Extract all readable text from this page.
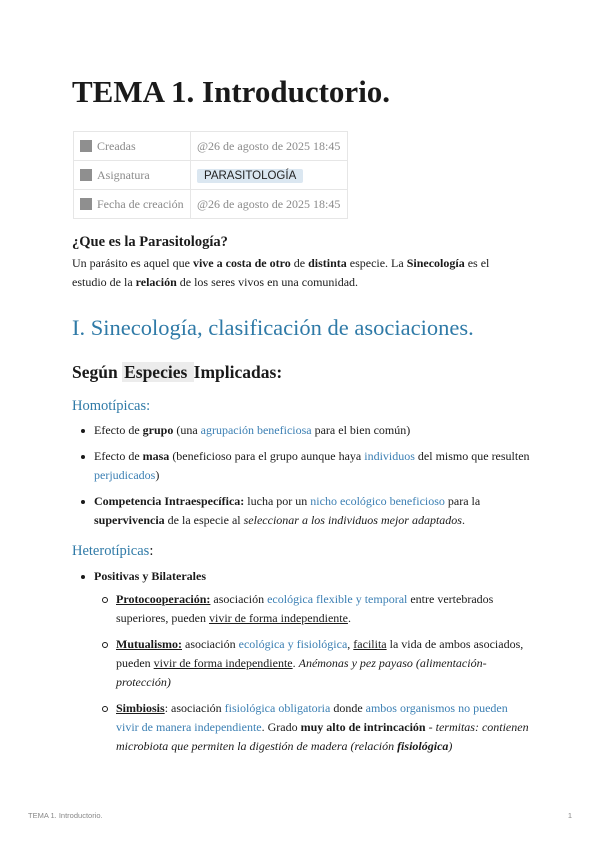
TEMA 1. Introductorio.
Creadas	@26 de agosto de 2025 18:45
Asignatura	PARASITOLOGÍA
Fecha de creación	@26 de agosto de 2025 18:45
¿Que es la Parasitología?

Un parásito es aquel que vive a costa de otro de distinta especie. La Sinecología es el estudio de la relación de los seres vivos en una comunidad.

I. Sinecología, clasificación de asociaciones.
Según Especies Implicadas:
Homotípicas:
Efecto de grupo (una agrupación beneficiosa para el bien común)
Efecto de masa (beneficioso para el grupo aunque haya individuos del mismo que resulten perjudicados)
Competencia Intraespecífica: lucha por un nicho ecológico beneficioso para la supervivencia de la especie al seleccionar a los individuos mejor adaptados.
Heterotípicas:
Positivas y Bilaterales
Protocooperación: asociación ecológica flexible y temporal entre vertebrados superiores, pueden vivir de forma independiente.
Mutualismo: asociación ecológica y fisiológica, facilita la vida de ambos asociados, pueden vivir de forma independiente. Anémonas y pez payaso (alimentación-protección)
Simbiosis: asociación fisiológica obligatoria donde ambos organismos no pueden vivir de manera independiente. Grado muy alto de intrincación - termitas: contienen microbiota que permiten la digestión de madera (relación fisiológica)
TEMA 1. Introductorio.	1
